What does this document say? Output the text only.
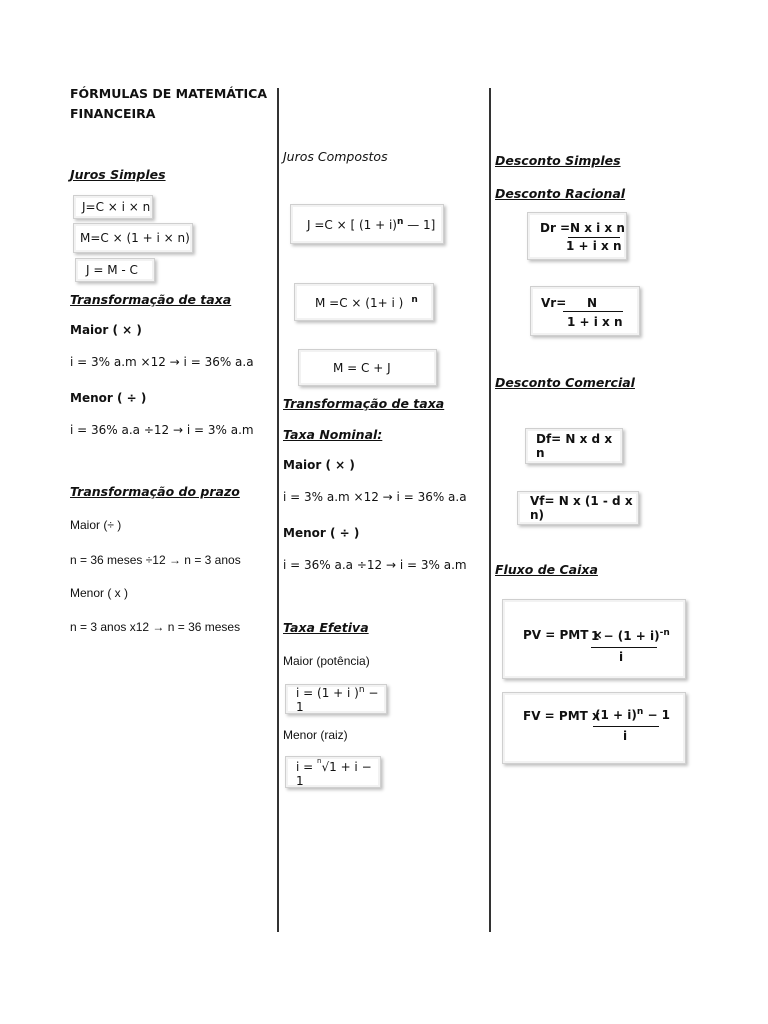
FÓRMULAS DE MATEMÁTICA
FINANCEIRA
Juros Simples
J=C × i × n
M=C × (1 + i × n)
J = M - C
Transformação de taxa
Maior ( × )
i = 3% a.m ×12 → i = 36% a.a
Menor ( ÷ )
i = 36% a.a ÷12 → i = 3% a.m
Transformação do prazo
Maior (÷ )
n = 36 meses ÷12 → n = 3 anos
Menor ( x )
n = 3 anos x12 → n = 36 meses
Juros Compostos
J =C × [ $(1 + i)^n$ — 1]
M =C × (1+ i ) $^n$
M = C + J
Transformação de taxa
Taxa Nominal:
Maior ( × )
i = 3% a.m ×12 → i = 36% a.a
Menor ( ÷ )
i = 36% a.a ÷12 → i = 3% a.m
Taxa Efetiva
Maior (potência)
i = (1 + i )$^n$ − 1
Menor (raiz)
i = $^n$√1 + i − 1
Desconto Simples
Desconto Racional
Dr = N x i x n
1 + i x n
Vr= N
1 + i x n
Desconto Comercial
Df= N x d x n
Vf= N x (1 - d x n)
Fluxo de Caixa
PV = PMT ×
$1 - (1 + i)^{-n}$
i
FV = PMT x
$(1 + i)^n - 1$
i
